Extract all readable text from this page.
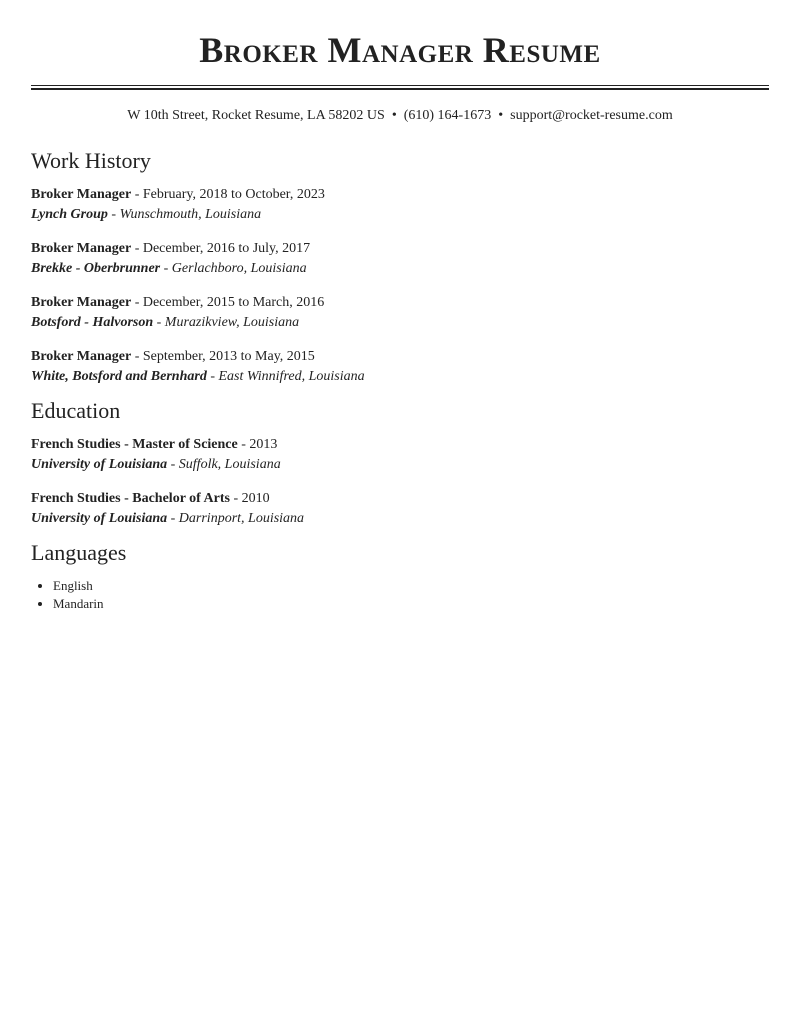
Broker Manager Resume
W 10th Street, Rocket Resume, LA 58202 US • (610) 164-1673 • support@rocket-resume.com
Work History
Broker Manager - February, 2018 to October, 2023
Lynch Group - Wunschmouth, Louisiana
Broker Manager - December, 2016 to July, 2017
Brekke - Oberbrunner - Gerlachboro, Louisiana
Broker Manager - December, 2015 to March, 2016
Botsford - Halvorson - Murazikview, Louisiana
Broker Manager - September, 2013 to May, 2015
White, Botsford and Bernhard - East Winnifred, Louisiana
Education
French Studies - Master of Science - 2013
University of Louisiana - Suffolk, Louisiana
French Studies - Bachelor of Arts - 2010
University of Louisiana - Darrinport, Louisiana
Languages
• English
• Mandarin
